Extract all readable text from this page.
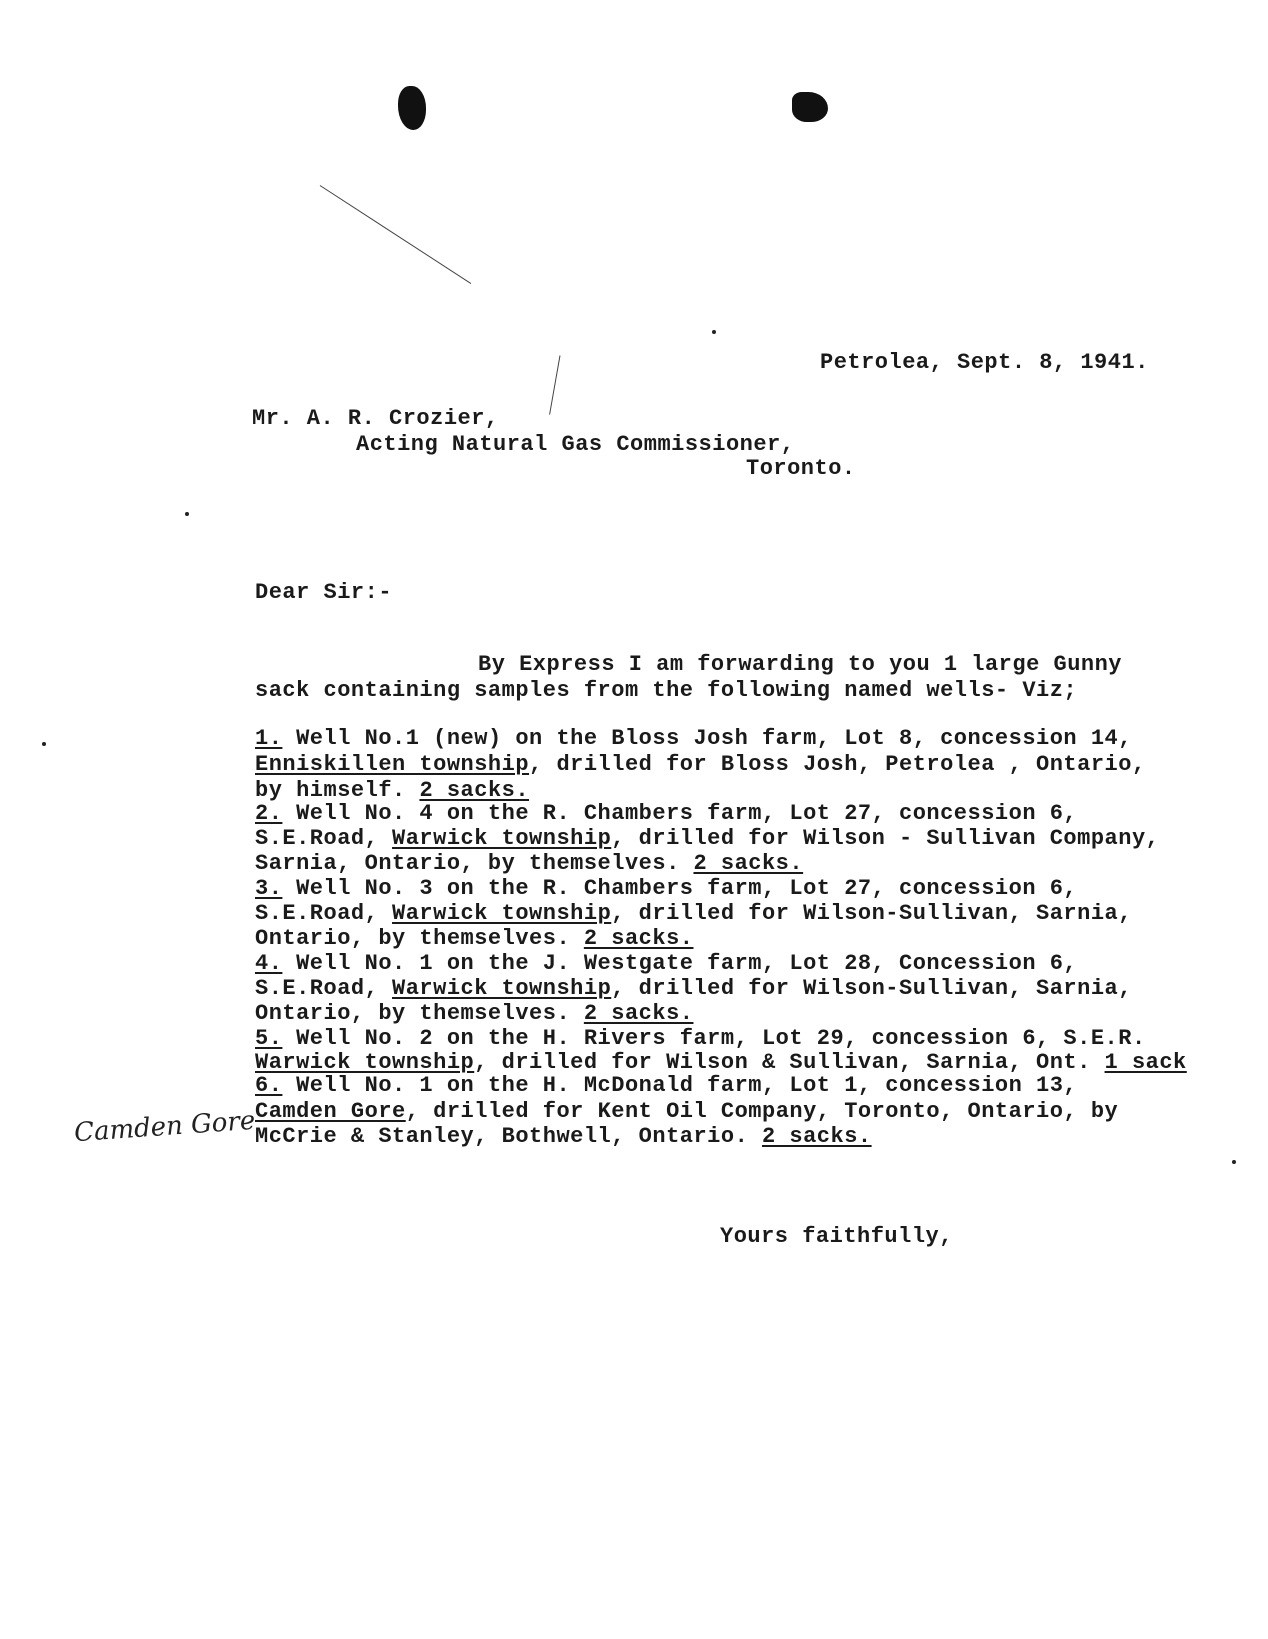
Petrolea, Sept. 8, 1941.
Mr. A. R. Crozier,
Acting Natural Gas Commissioner,
Toronto.
Dear Sir:-
By Express I am forwarding to you 1 large Gunny
sack containing samples from the following named wells- Viz;
1. Well No.1 (new) on the Bloss Josh farm, Lot 8, concession 14,
Enniskillen township, drilled for Bloss Josh, Petrolea , Ontario,
by himself. 2 sacks.
2. Well No. 4 on the R. Chambers farm, Lot 27, concession 6,
S.E.Road, Warwick township, drilled for Wilson - Sullivan Company,
Sarnia, Ontario, by themselves. 2 sacks.
3. Well No. 3 on the R. Chambers farm, Lot 27, concession 6,
S.E.Road, Warwick township, drilled for Wilson-Sullivan, Sarnia,
Ontario, by themselves. 2 sacks.
4. Well No. 1 on the J. Westgate farm, Lot 28, Concession 6,
S.E.Road, Warwick township, drilled for Wilson-Sullivan, Sarnia,
Ontario, by themselves. 2 sacks.
5. Well No. 2 on the H. Rivers farm, Lot 29, concession 6, S.E.R.
Warwick township, drilled for Wilson & Sullivan, Sarnia, Ont. 1 sack
6. Well No. 1 on the H. McDonald farm, Lot 1, concession 13,
Camden Gore, drilled for Kent Oil Company, Toronto, Ontario, by
McCrie & Stanley, Bothwell, Ontario. 2 sacks.
Camden Gore
Yours faithfully,
